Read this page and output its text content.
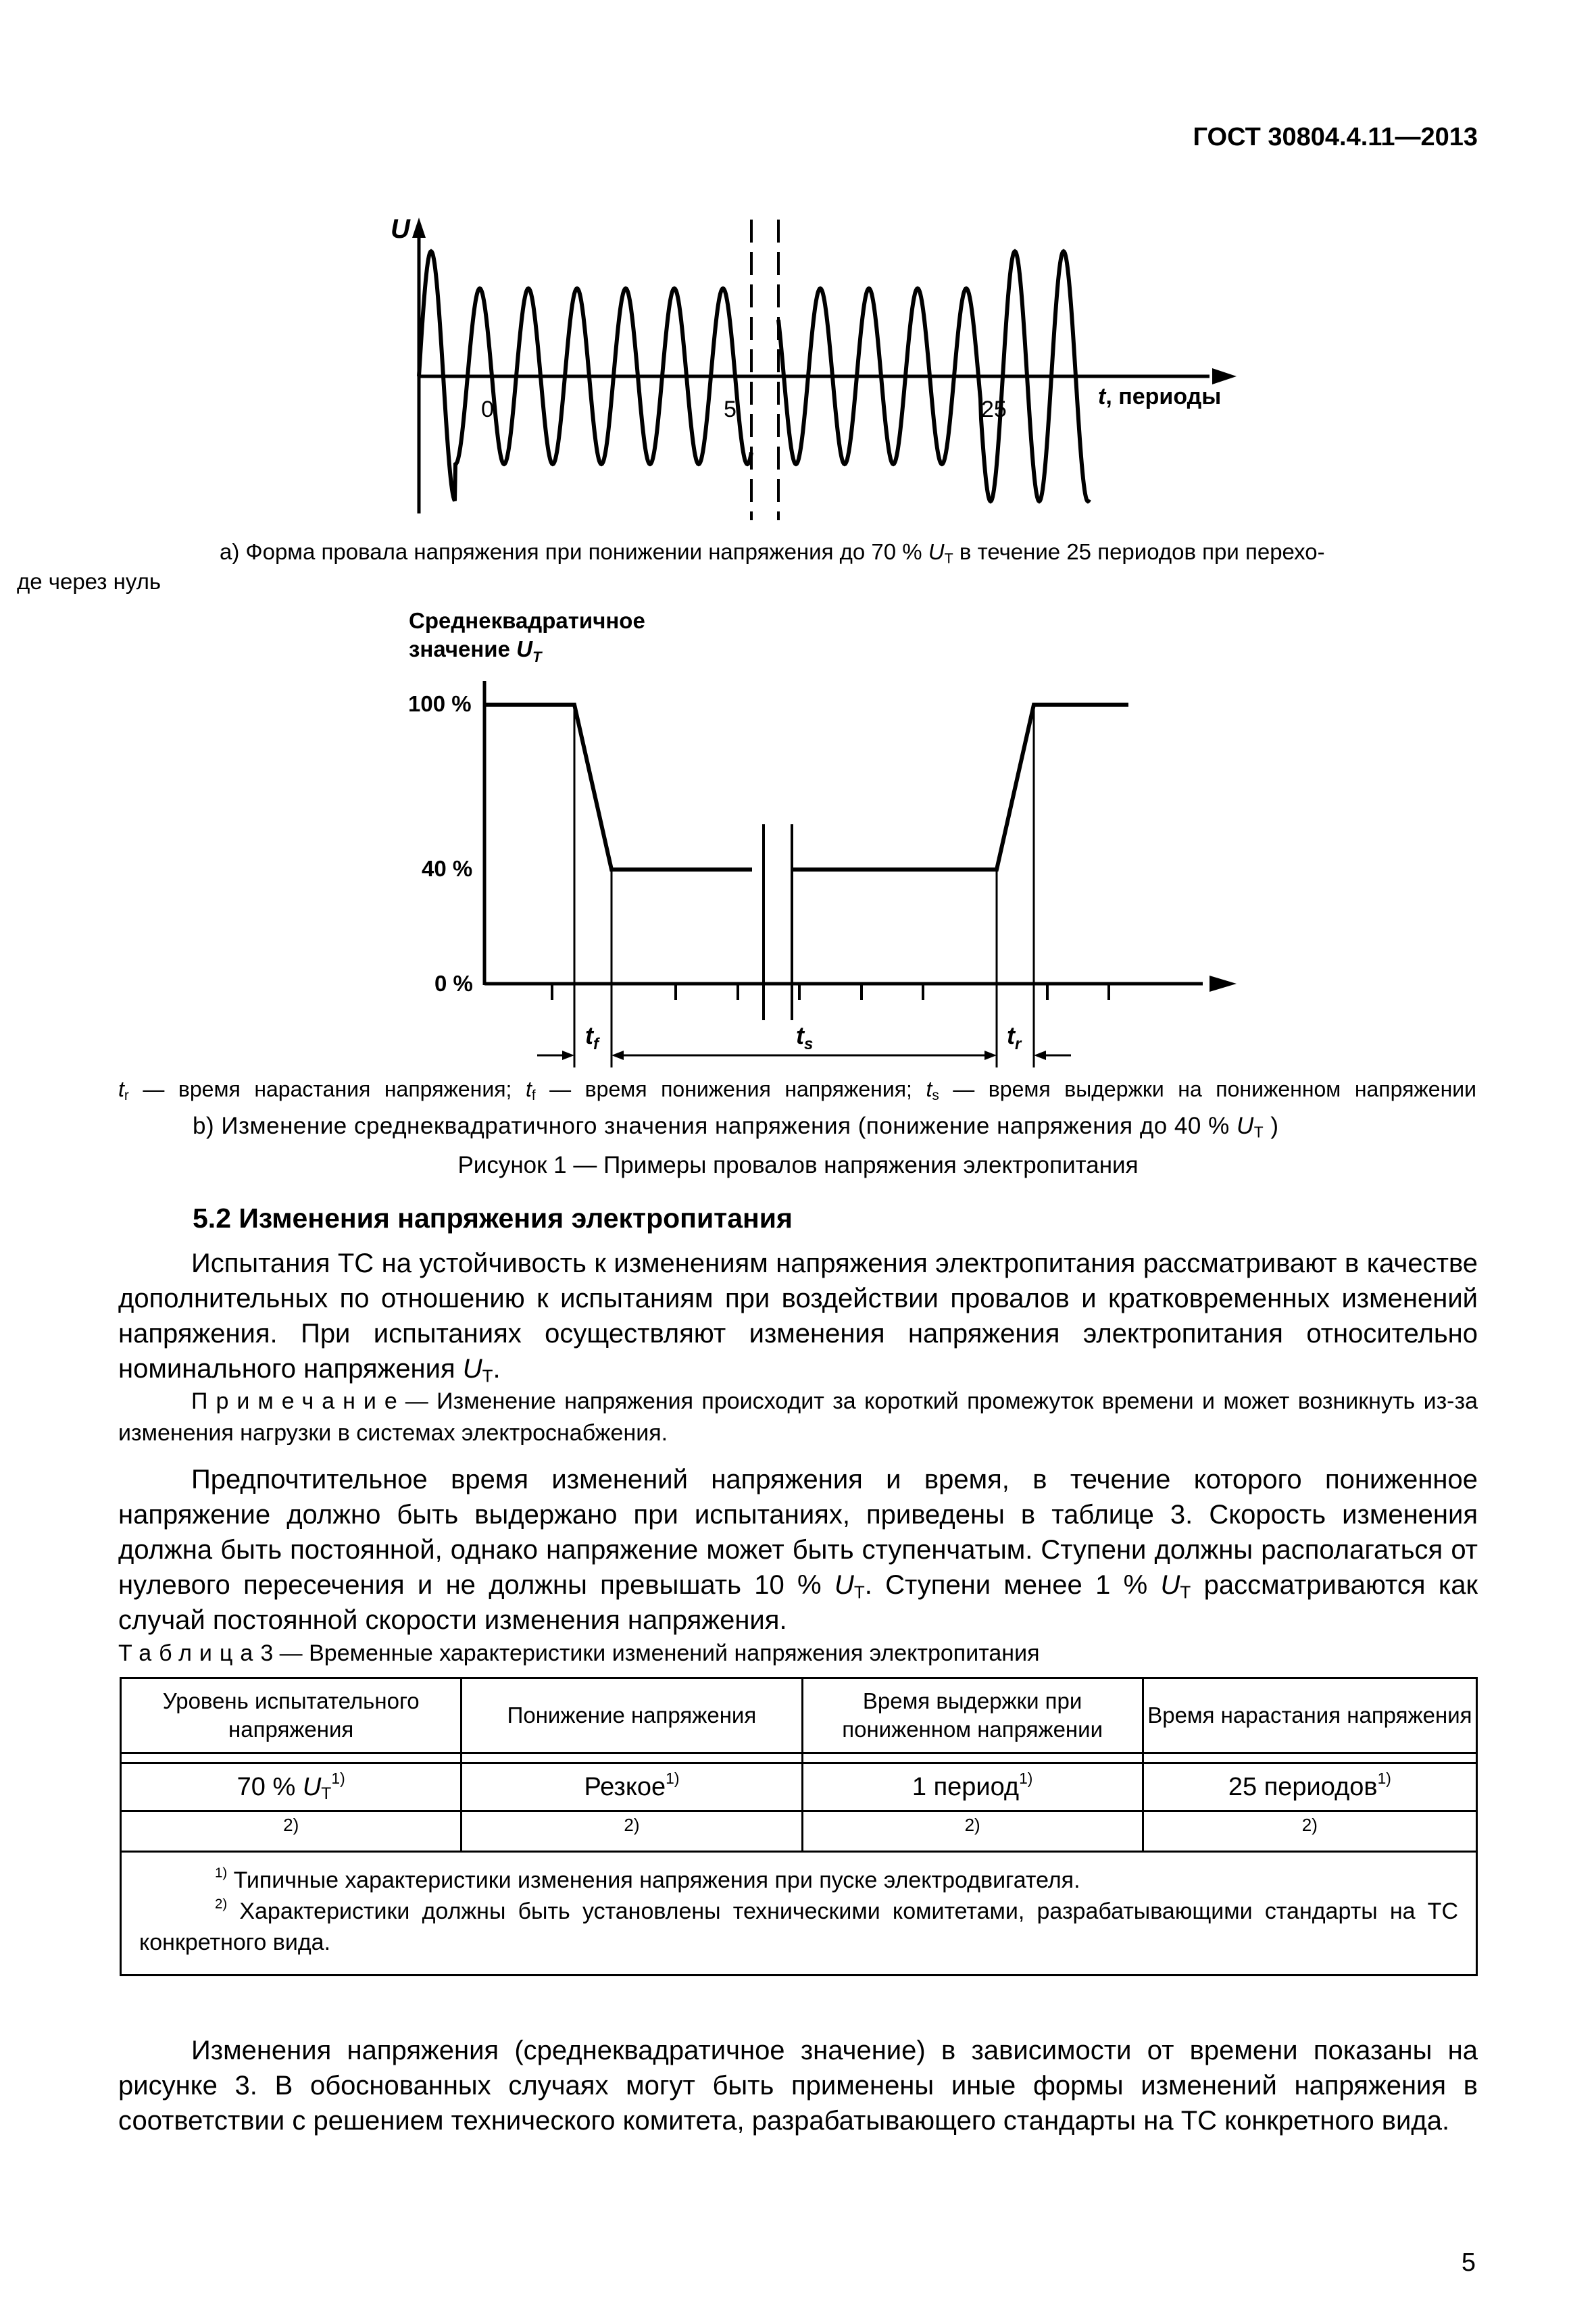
ГОСТ 30804.4.11—2013
U
t, периоды
0	5	25
a) Форма провала напряжения при понижении напряжения до 70 % $U_T$ в течение 25 периодов при перехо-
де через нуль
Среднеквадратичное
значение $U_T$
100 %
40 %
0 %
$t_f$	$t_s$	$t_r$
$t_r$ — время нарастания напряжения; $t_f$ — время понижения напряжения; $t_s$ — время выдержки на пониженном напряжении
b) Изменение среднеквадратичного значения напряжения (понижение напряжения до 40 % $U_T$ )
Рисунок 1 — Примеры провалов напряжения электропитания
5.2 Изменения напряжения электропитания
Испытания ТС на устойчивость к изменениям напряжения электропитания рассматривают в качестве дополнительных по отношению к испытаниям при воздействии провалов и кратковременных изменений напряжения. При испытаниях осуществляют изменения напряжения электропитания относительно номинального напряжения $U_T$.
Примечание— Изменение напряжения происходит за короткий промежуток времени и может возникнуть из-за изменения нагрузки в системах электроснабжения.
Предпочтительное время изменений напряжения и время, в течение которого пониженное напряжение должно быть выдержано при испытаниях, приведены в таблице 3. Скорость изменения должна быть постоянной, однако напряжение может быть ступенчатым. Ступени должны располагаться от нулевого пересечения и не должны превышать 10 % $U_T$. Ступени менее 1 % $U_T$ рассматриваются как случай постоянной скорости изменения напряжения.
Таблица3 — Временные характеристики изменений напряжения электропитания
Уровень испытательного напряжения	Понижение напряжения	Время выдержки при пониженном напряжении	Время нарастания напряжения

70 % $U_T^{1)}$	Резкое$^{1)}$	1 период$^{1)}$	25 периодов$^{1)}$
2)	2)	2)	2)

$^{1)}$ Типичные характеристики изменения напряжения при пуске электродвигателя.
$^{2)}$ Характеристики должны быть установлены техническими комитетами, разрабатывающими стандарты на ТС конкретного вида.			
Изменения напряжения (среднеквадратичное значение) в зависимости от времени показаны на рисунке 3. В обоснованных случаях могут быть применены иные формы изменений напряжения в соответствии с решением технического комитета, разрабатывающего стандарты на ТС конкретного вида.
5
